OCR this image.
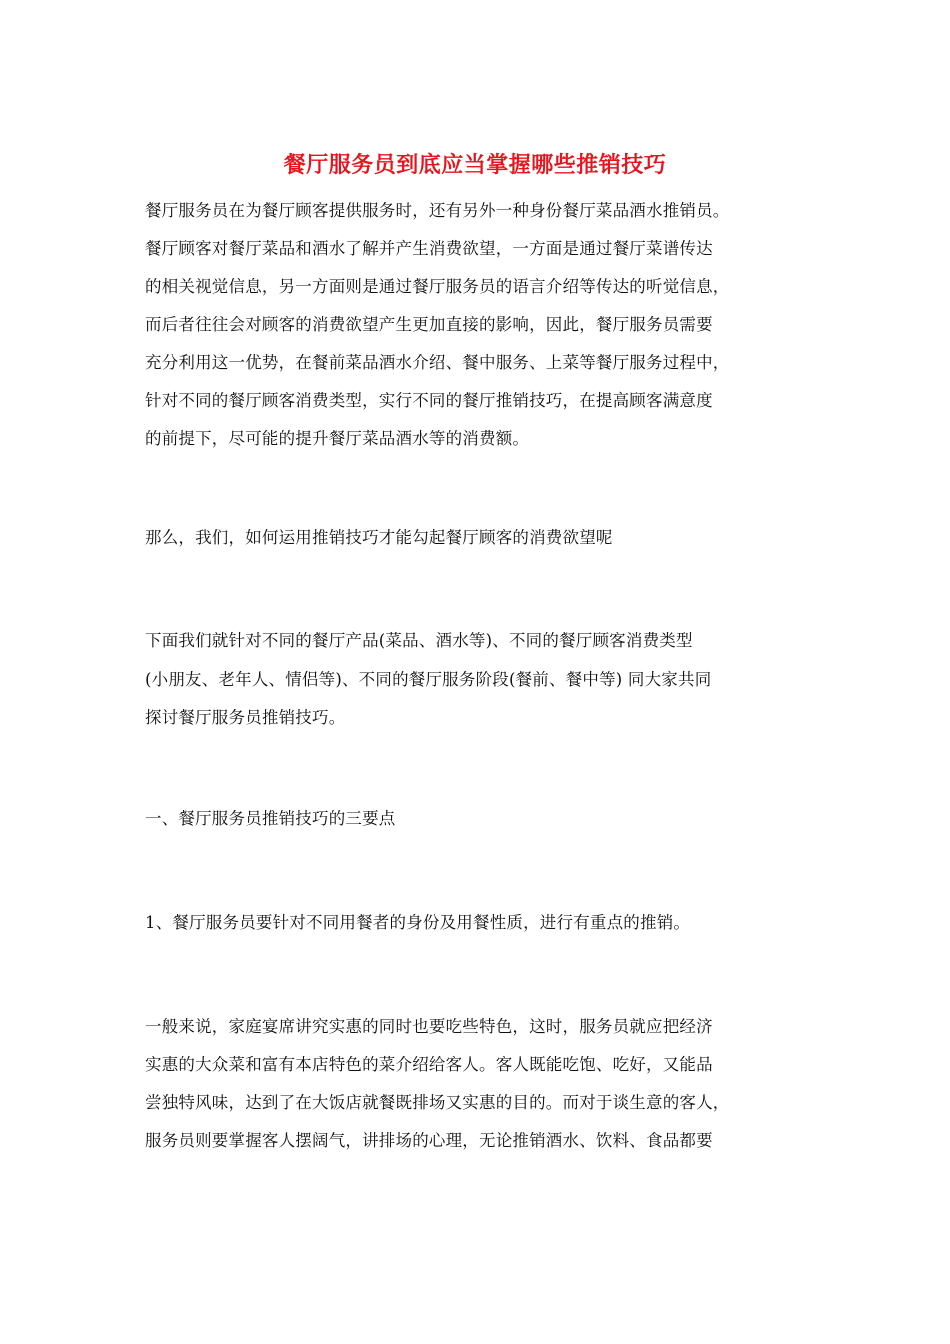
餐厅服务员到底应当掌握哪些推销技巧

餐厅服务员在为餐厅顾客提供服务时，还有另外一种身份餐厅菜品酒水推销员。

餐厅顾客对餐厅菜品和酒水了解并产生消费欲望，一方面是通过餐厅菜谱传达

的相关视觉信息，另一方面则是通过餐厅服务员的语言介绍等传达的听觉信息，

而后者往往会对顾客的消费欲望产生更加直接的影响，因此，餐厅服务员需要

充分利用这一优势，在餐前菜品酒水介绍、餐中服务、上菜等餐厅服务过程中，

针对不同的餐厅顾客消费类型，实行不同的餐厅推销技巧，在提高顾客满意度

的前提下，尽可能的提升餐厅菜品酒水等的消费额。

那么，我们，如何运用推销技巧才能勾起餐厅顾客的消费欲望呢

下面我们就针对不同的餐厅产品(菜品、酒水等)、不同的餐厅顾客消费类型

(小朋友、老年人、情侣等)、不同的餐厅服务阶段(餐前、餐中等) 同大家共同

探讨餐厅服务员推销技巧。

一、餐厅服务员推销技巧的三要点

1、餐厅服务员要针对不同用餐者的身份及用餐性质，进行有重点的推销。

一般来说，家庭宴席讲究实惠的同时也要吃些特色，这时，服务员就应把经济

实惠的大众菜和富有本店特色的菜介绍给客人。客人既能吃饱、吃好，又能品

尝独特风味，达到了在大饭店就餐既排场又实惠的目的。而对于谈生意的客人，

服务员则要掌握客人摆阔气，讲排场的心理，无论推销酒水、饮料、食品都要
